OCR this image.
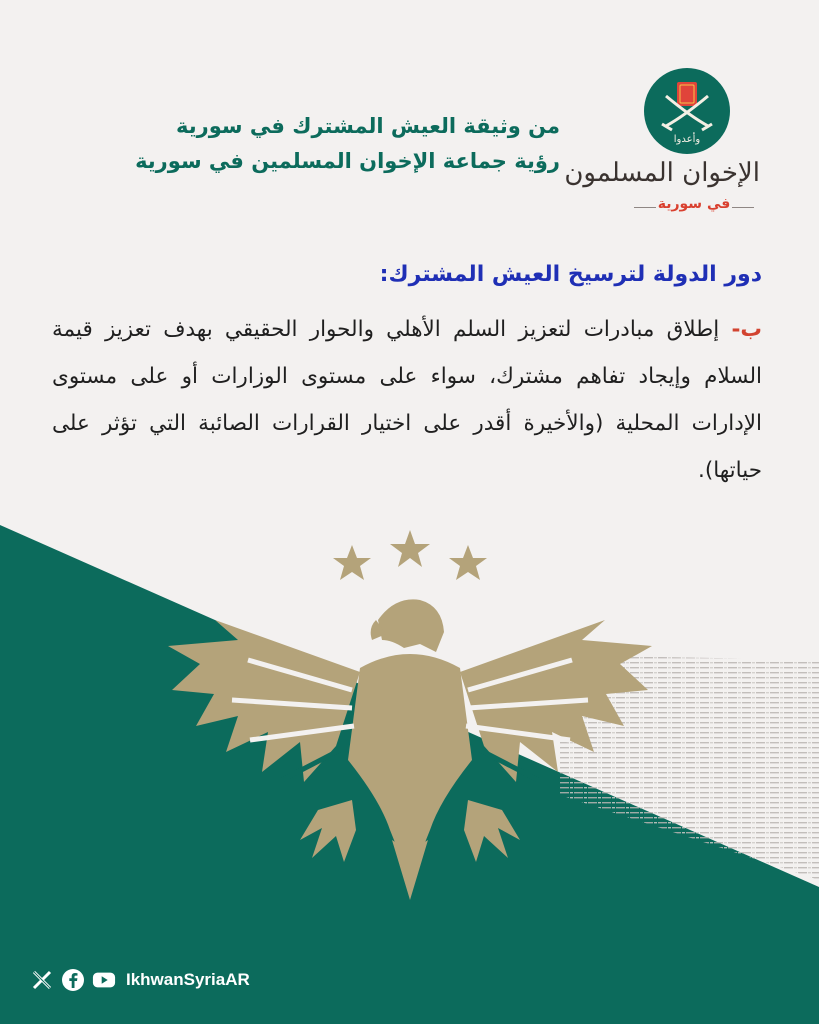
وأعدوا
الإخوان المسلمون
في سورية
من وثيقة العيش المشترك في سورية
رؤية جماعة الإخوان المسلمين في سورية
دور الدولة لترسيخ العيش المشترك:
ب- إطلاق مبادرات لتعزيز السلم الأهلي والحوار الحقيقي بهدف تعزيز قيمة السلام وإيجاد تفاهم مشترك، سواء على مستوى الوزارات أو على مستوى الإدارات المحلية (والأخيرة أقدر على اختيار القرارات الصائبة التي تؤثر على حياتها).
IkhwanSyriaAR
